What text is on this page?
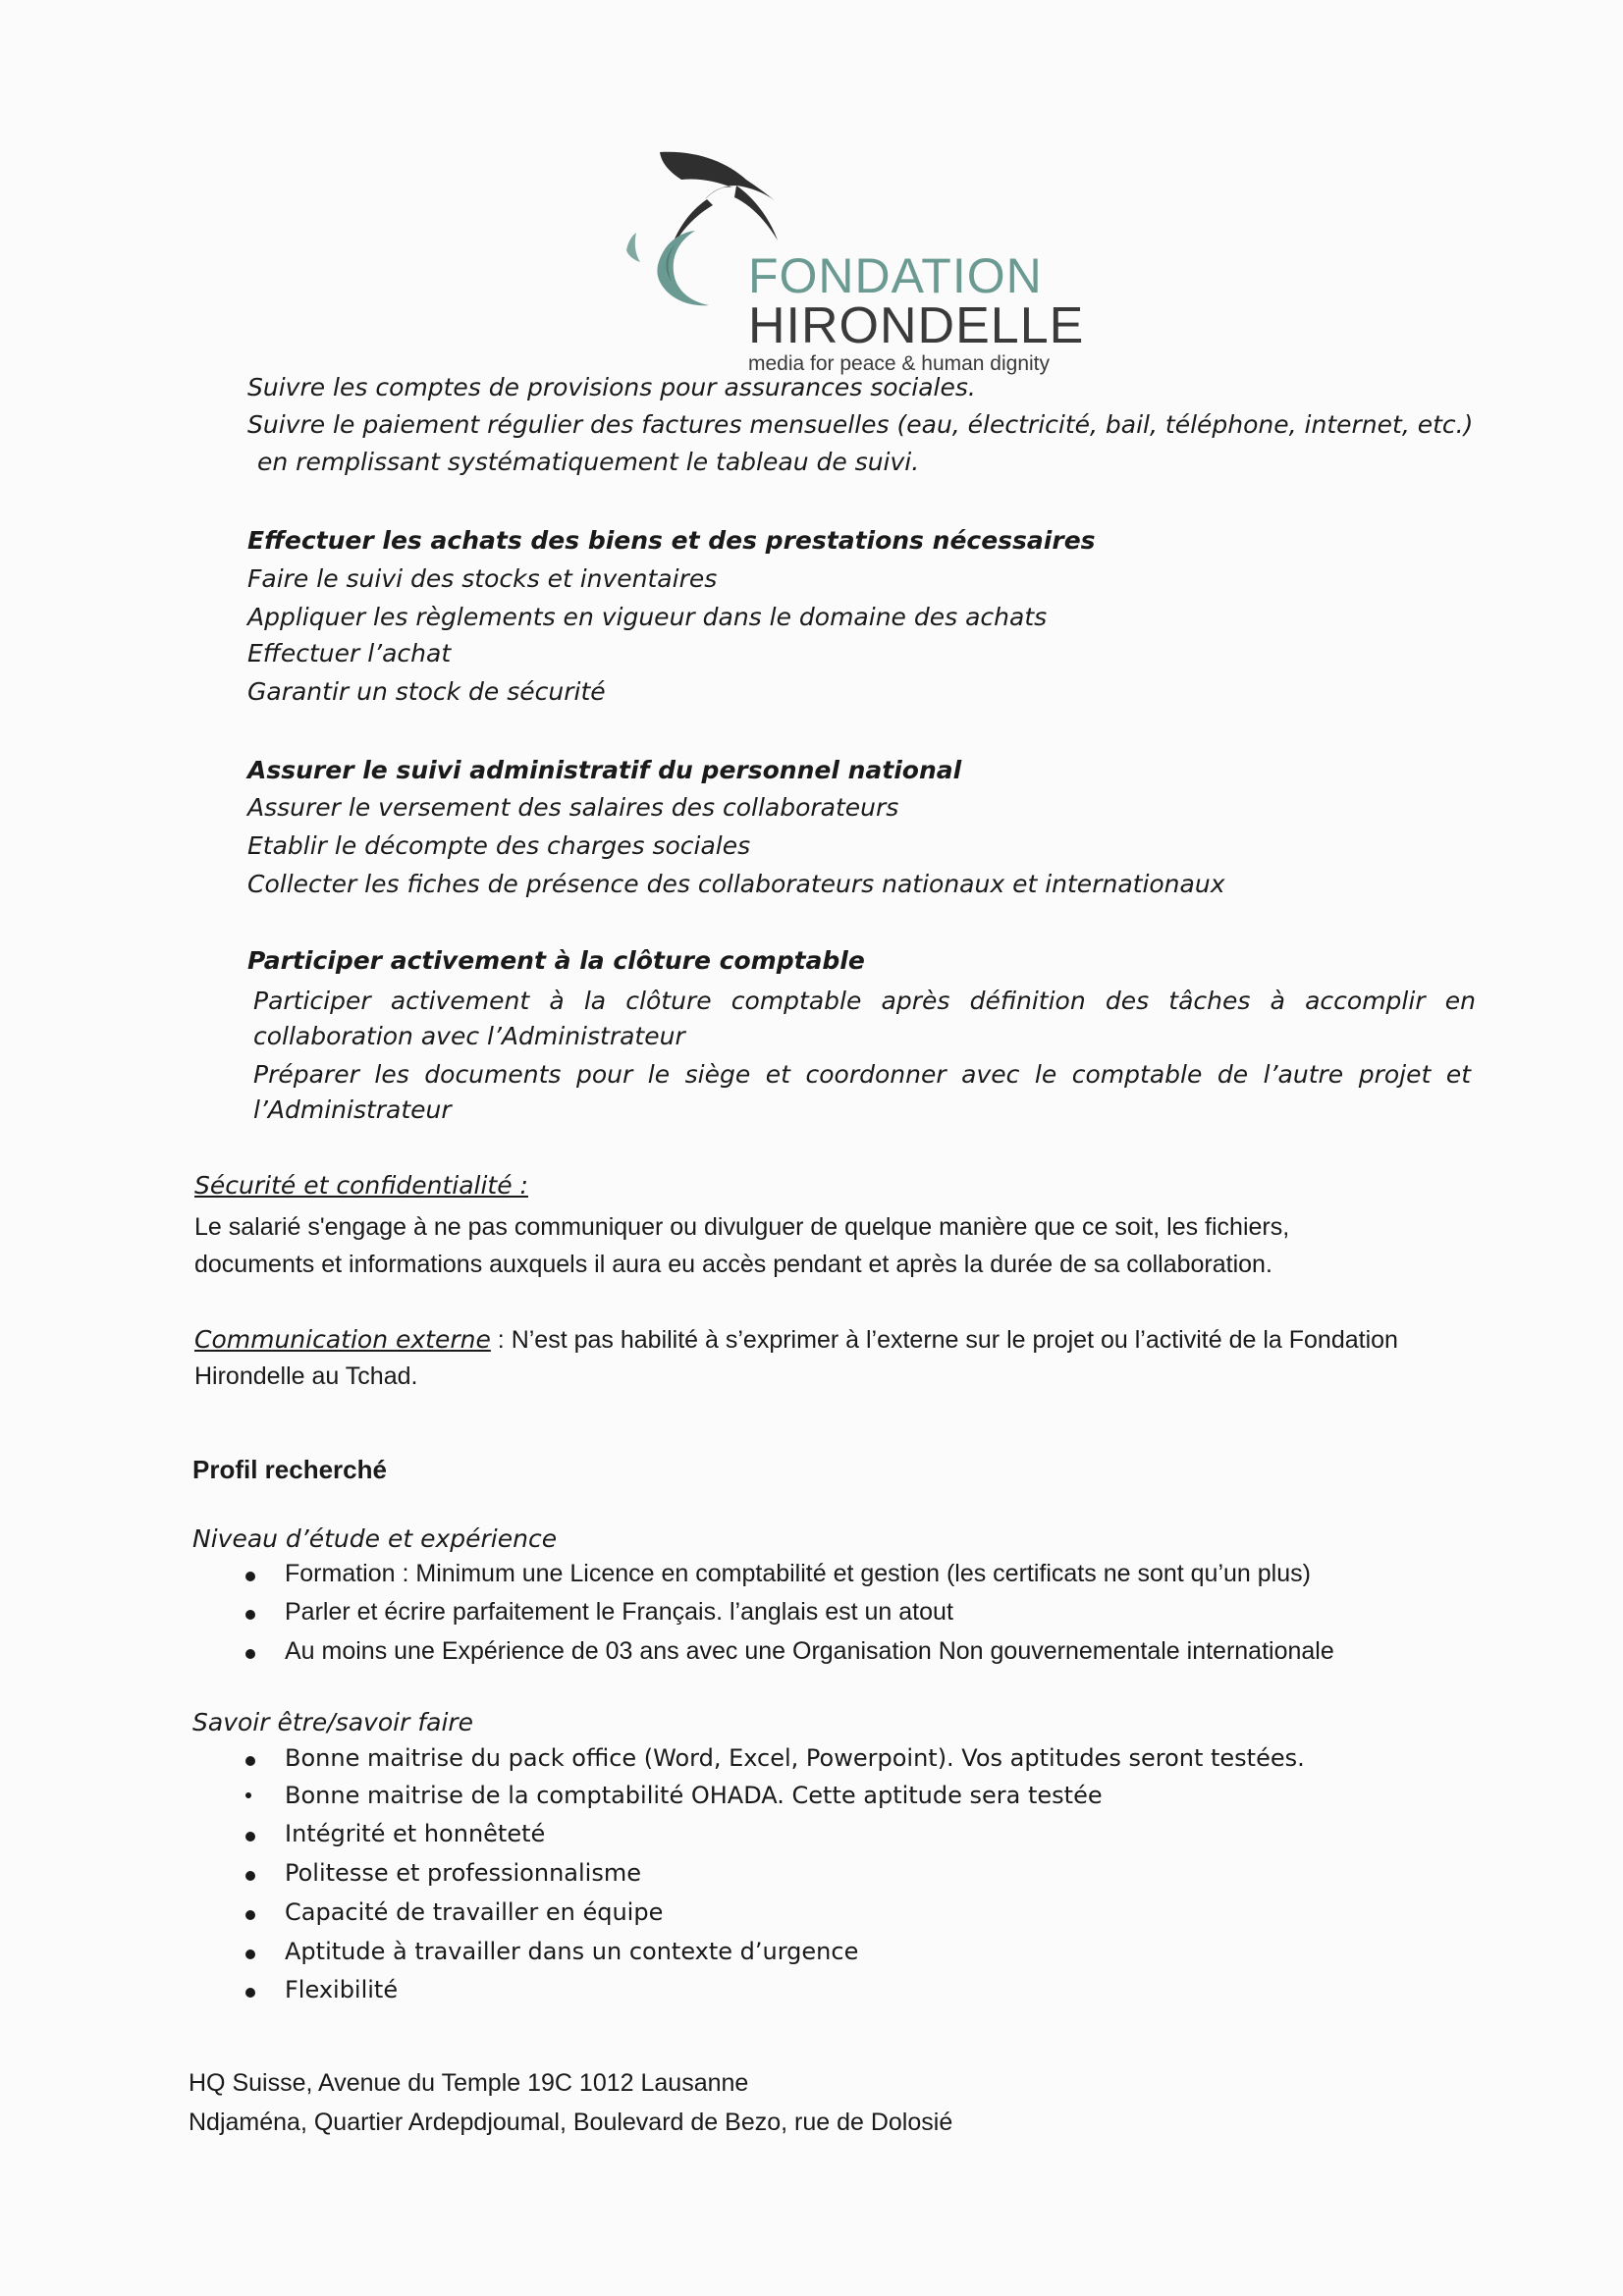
FONDATION
HIRONDELLE
media for peace & human dignity
Suivre les comptes de provisions pour assurances sociales.
Suivre le paiement régulier des factures mensuelles (eau, électricité, bail, téléphone, internet, etc.)
en remplissant systématiquement le tableau de suivi.
Effectuer les achats des biens et des prestations nécessaires
Faire le suivi des stocks et inventaires
Appliquer les règlements en vigueur dans le domaine des achats
Effectuer l’achat
Garantir un stock de sécurité
Assurer le suivi administratif du personnel national
Assurer le versement des salaires des collaborateurs
Etablir le décompte des charges sociales
Collecter les fiches de présence des collaborateurs nationaux et internationaux
Participer activement à la clôture comptable
Participer activement à la clôture comptable après définition des tâches à accomplir en
collaboration avec l’Administrateur
Préparer les documents pour le siège et coordonner avec le comptable de l’autre projet et
l’Administrateur
Sécurité et confidentialité :
Le salarié s'engage à ne pas communiquer ou divulguer de quelque manière que ce soit, les fichiers,
documents et informations auxquels il aura eu accès pendant et après la durée de sa collaboration.
Communication externe : N’est pas habilité à s’exprimer à l’externe sur le projet ou l’activité de la Fondation
Hirondelle au Tchad.
Profil recherché
Niveau d’étude et expérience
Formation : Minimum une Licence en comptabilité et gestion (les certificats ne sont qu’un plus)
Parler et écrire parfaitement le Français. l’anglais est un atout
Au moins une Expérience de 03 ans avec une Organisation Non gouvernementale internationale
Savoir être/savoir faire
Bonne maitrise du pack office (Word, Excel, Powerpoint). Vos aptitudes seront testées.
Bonne maitrise de la comptabilité OHADA. Cette aptitude sera testée
Intégrité et honnêteté
Politesse et professionnalisme
Capacité de travailler en équipe
Aptitude à travailler dans un contexte d’urgence
Flexibilité
HQ Suisse, Avenue du Temple 19C 1012 Lausanne
Ndjaména, Quartier Ardepdjoumal, Boulevard de Bezo, rue de Dolosié
